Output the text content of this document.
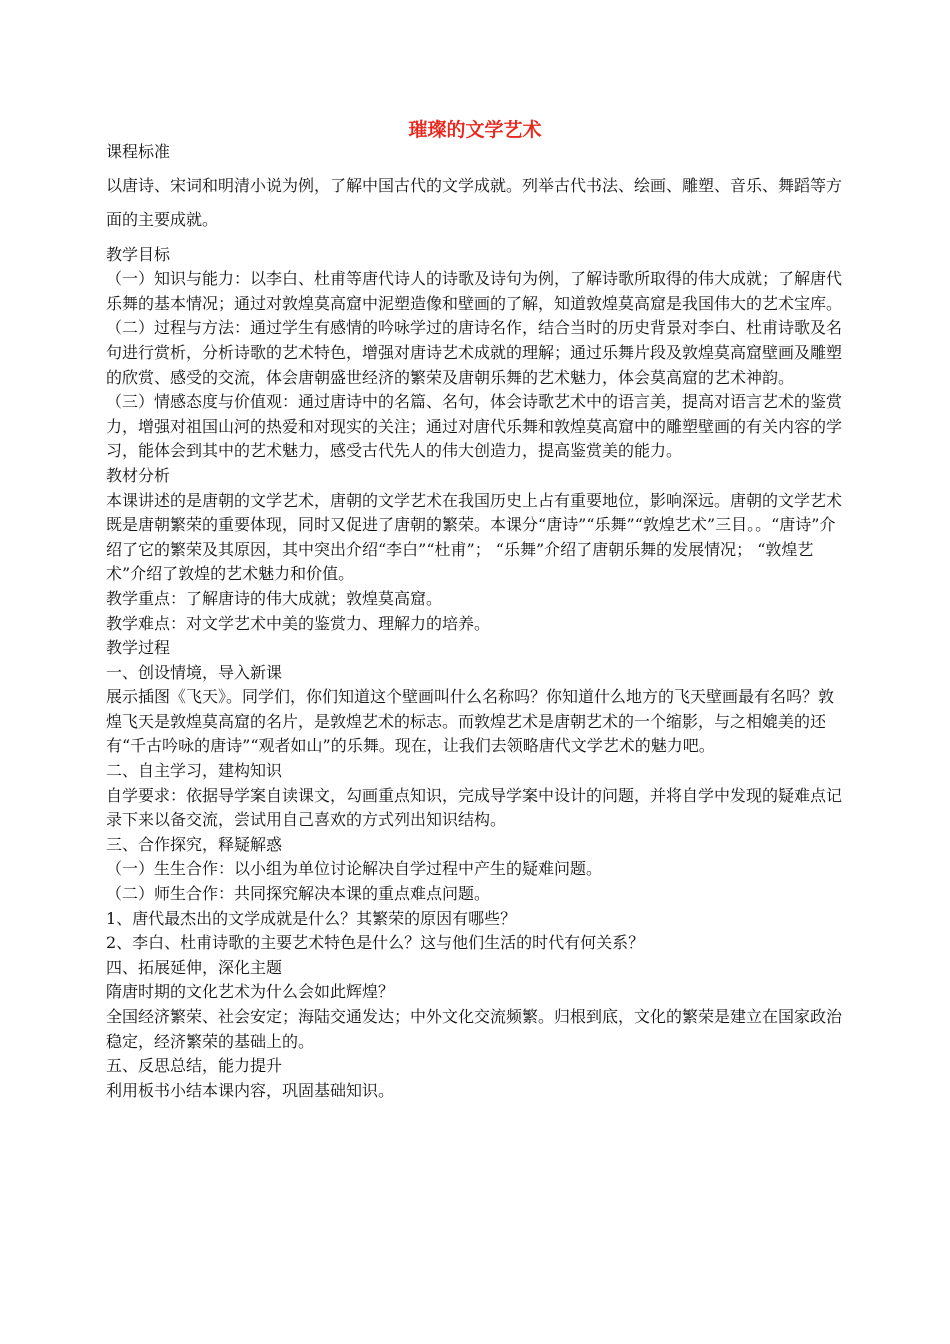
璀璨的文学艺术

课程标准

以唐诗、宋词和明清小说为例，了解中国古代的文学成就。列举古代书法、绘画、雕塑、音乐、舞蹈等方面的主要成就。

教学目标

（一）知识与能力：以李白、杜甫等唐代诗人的诗歌及诗句为例，了解诗歌所取得的伟大成就；了解唐代乐舞的基本情况；通过对敦煌莫高窟中泥塑造像和壁画的了解，知道敦煌莫高窟是我国伟大的艺术宝库。

（二）过程与方法：通过学生有感情的吟咏学过的唐诗名作，结合当时的历史背景对李白、杜甫诗歌及名句进行赏析，分析诗歌的艺术特色，增强对唐诗艺术成就的理解；通过乐舞片段及敦煌莫高窟壁画及雕塑的欣赏、感受的交流，体会唐朝盛世经济的繁荣及唐朝乐舞的艺术魅力，体会莫高窟的艺术神韵。

（三）情感态度与价值观：通过唐诗中的名篇、名句，体会诗歌艺术中的语言美，提高对语言艺术的鉴赏力，增强对祖国山河的热爱和对现实的关注；通过对唐代乐舞和敦煌莫高窟中的雕塑壁画的有关内容的学习，能体会到其中的艺术魅力，感受古代先人的伟大创造力，提高鉴赏美的能力。

教材分析

本课讲述的是唐朝的文学艺术，唐朝的文学艺术在我国历史上占有重要地位，影响深远。唐朝的文学艺术既是唐朝繁荣的重要体现，同时又促进了唐朝的繁荣。本课分“唐诗”“乐舞”“敦煌艺术”三目。。“唐诗”介绍了它的繁荣及其原因，其中突出介绍“李白”“杜甫”； “乐舞”介绍了唐朝乐舞的发展情况； “敦煌艺术”介绍了敦煌的艺术魅力和价值。

教学重点：了解唐诗的伟大成就；敦煌莫高窟。

教学难点：对文学艺术中美的鉴赏力、理解力的培养。

教学过程

一、创设情境，导入新课

展示插图《飞天》。同学们，你们知道这个壁画叫什么名称吗？你知道什么地方的飞天壁画最有名吗？敦煌飞天是敦煌莫高窟的名片，是敦煌艺术的标志。而敦煌艺术是唐朝艺术的一个缩影，与之相媲美的还有“千古吟咏的唐诗”“观者如山”的乐舞。现在，让我们去领略唐代文学艺术的魅力吧。

二、自主学习，建构知识

自学要求：依据导学案自读课文，勾画重点知识，完成导学案中设计的问题，并将自学中发现的疑难点记录下来以备交流，尝试用自己喜欢的方式列出知识结构。

三、合作探究，释疑解惑

（一）生生合作：以小组为单位讨论解决自学过程中产生的疑难问题。

（二）师生合作：共同探究解决本课的重点难点问题。

1、唐代最杰出的文学成就是什么？其繁荣的原因有哪些？

2、李白、杜甫诗歌的主要艺术特色是什么？这与他们生活的时代有何关系？

四、拓展延伸，深化主题

隋唐时期的文化艺术为什么会如此辉煌？

全国经济繁荣、社会安定；海陆交通发达；中外文化交流频繁。归根到底，文化的繁荣是建立在国家政治稳定，经济繁荣的基础上的。

五、反思总结，能力提升

利用板书小结本课内容，巩固基础知识。
